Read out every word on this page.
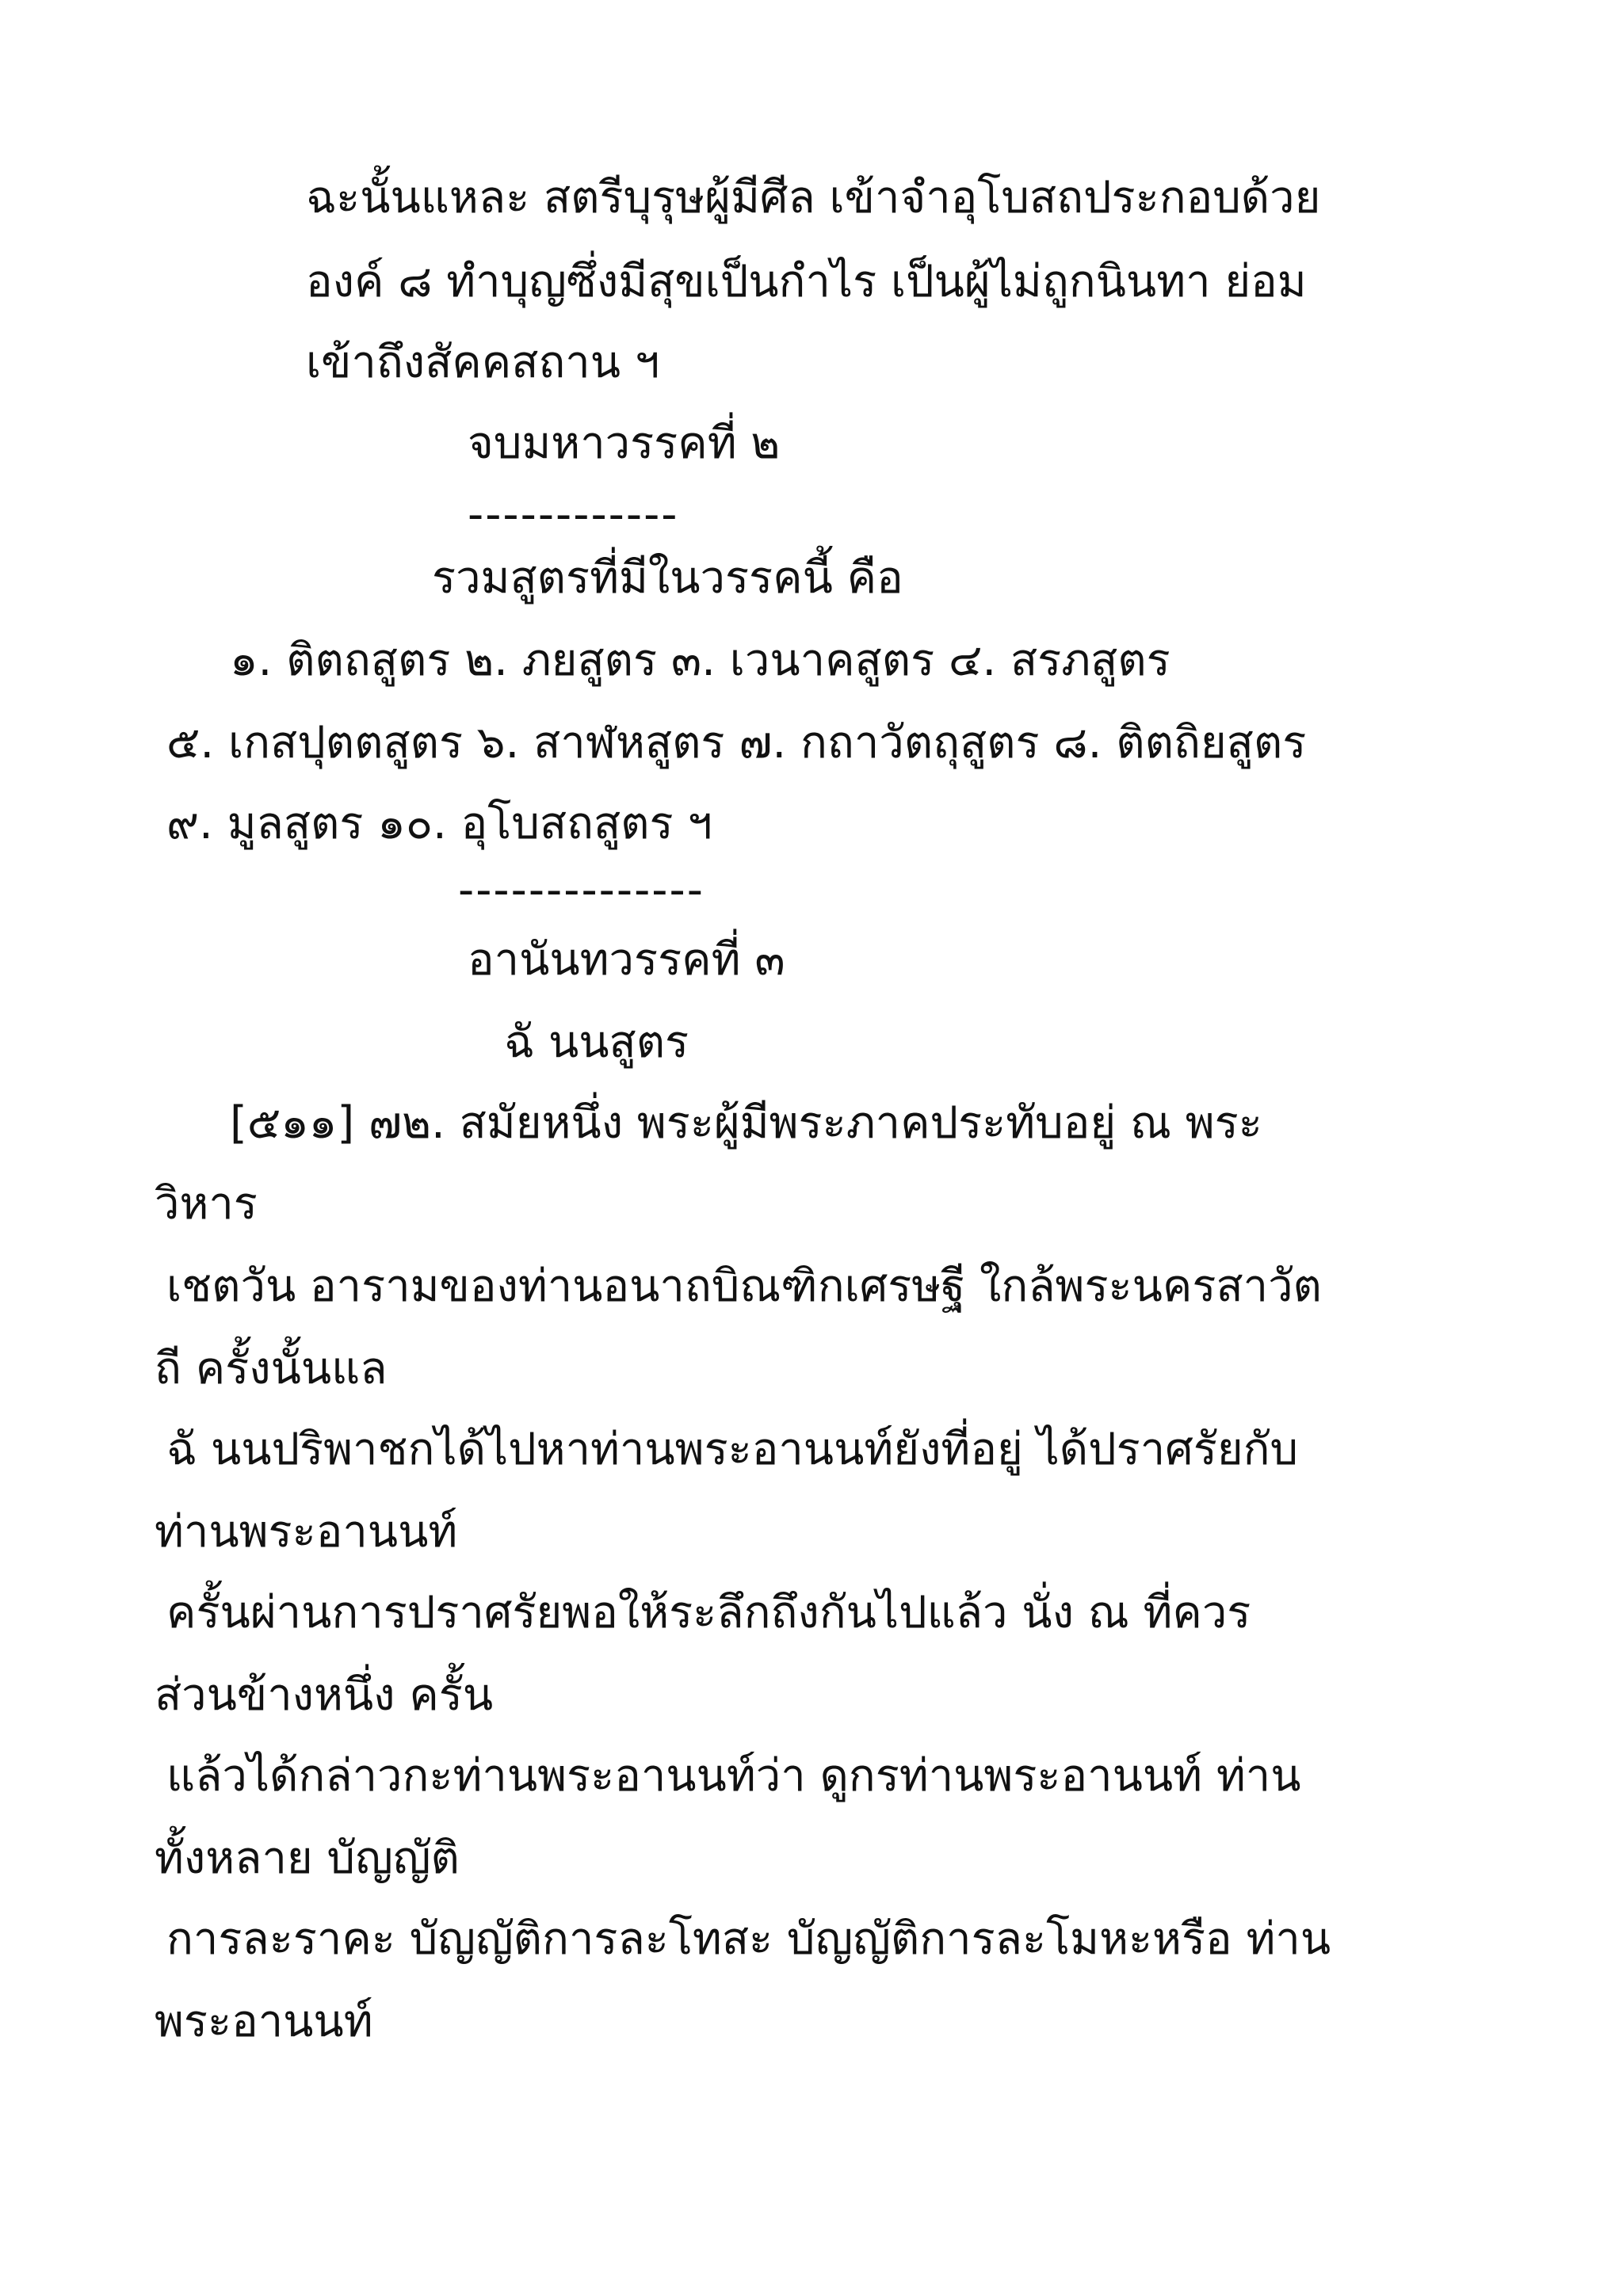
ฉะนั้นแหละ สตรีบุรุษผู้มีศีล เข้าจำอุโบสถประกอบด้วย
องค์ ๘ ทำบุญซึ่งมีสุขเป็นกำไร เป็นผู้ไม่ถูกนินทา ย่อม
เข้าถึงสัคคสถาน ฯ
จบมหาวรรคที่ ๒
------------
รวมสูตรที่มีในวรรคนี้ คือ
๑. ติตถสูตร ๒. ภยสูตร ๓. เวนาคสูตร ๔. สรภสูตร
๕. เกสปุตตสูตร ๖. สาฬหสูตร ๗. กถาวัตถุสูตร ๘. ติตถิยสูตร
๙. มูลสูตร ๑๐. อุโบสถสูตร ฯ
--------------
อานันทวรรคที่ ๓
ฉั นนสูตร
[๕๑๑] ๗๒. สมัยหนึ่ง พระผู้มีพระภาคประทับอยู่ ณ พระ
วิหาร
เชตวัน อารามของท่านอนาถบิณฑิกเศรษฐี ใกล้พระนครสาวัต
ถี ครั้งนั้นแล
ฉั นนปริพาชกได้ไปหาท่านพระอานนท์ยังที่อยู่ ได้ปราศรัยกับ
ท่านพระอานนท์
ครั้นผ่านการปราศรัยพอให้ระลึกถึงกันไปแล้ว นั่ง ณ ที่ควร
ส่วนข้างหนึ่ง ครั้น
แล้วได้กล่าวกะท่านพระอานนท์ว่า ดูกรท่านพระอานนท์ ท่าน
ทั้งหลาย บัญญัติ
การละราคะ บัญญัติการละโทสะ บัญญัติการละโมหะหรือ ท่าน
พระอานนท์
